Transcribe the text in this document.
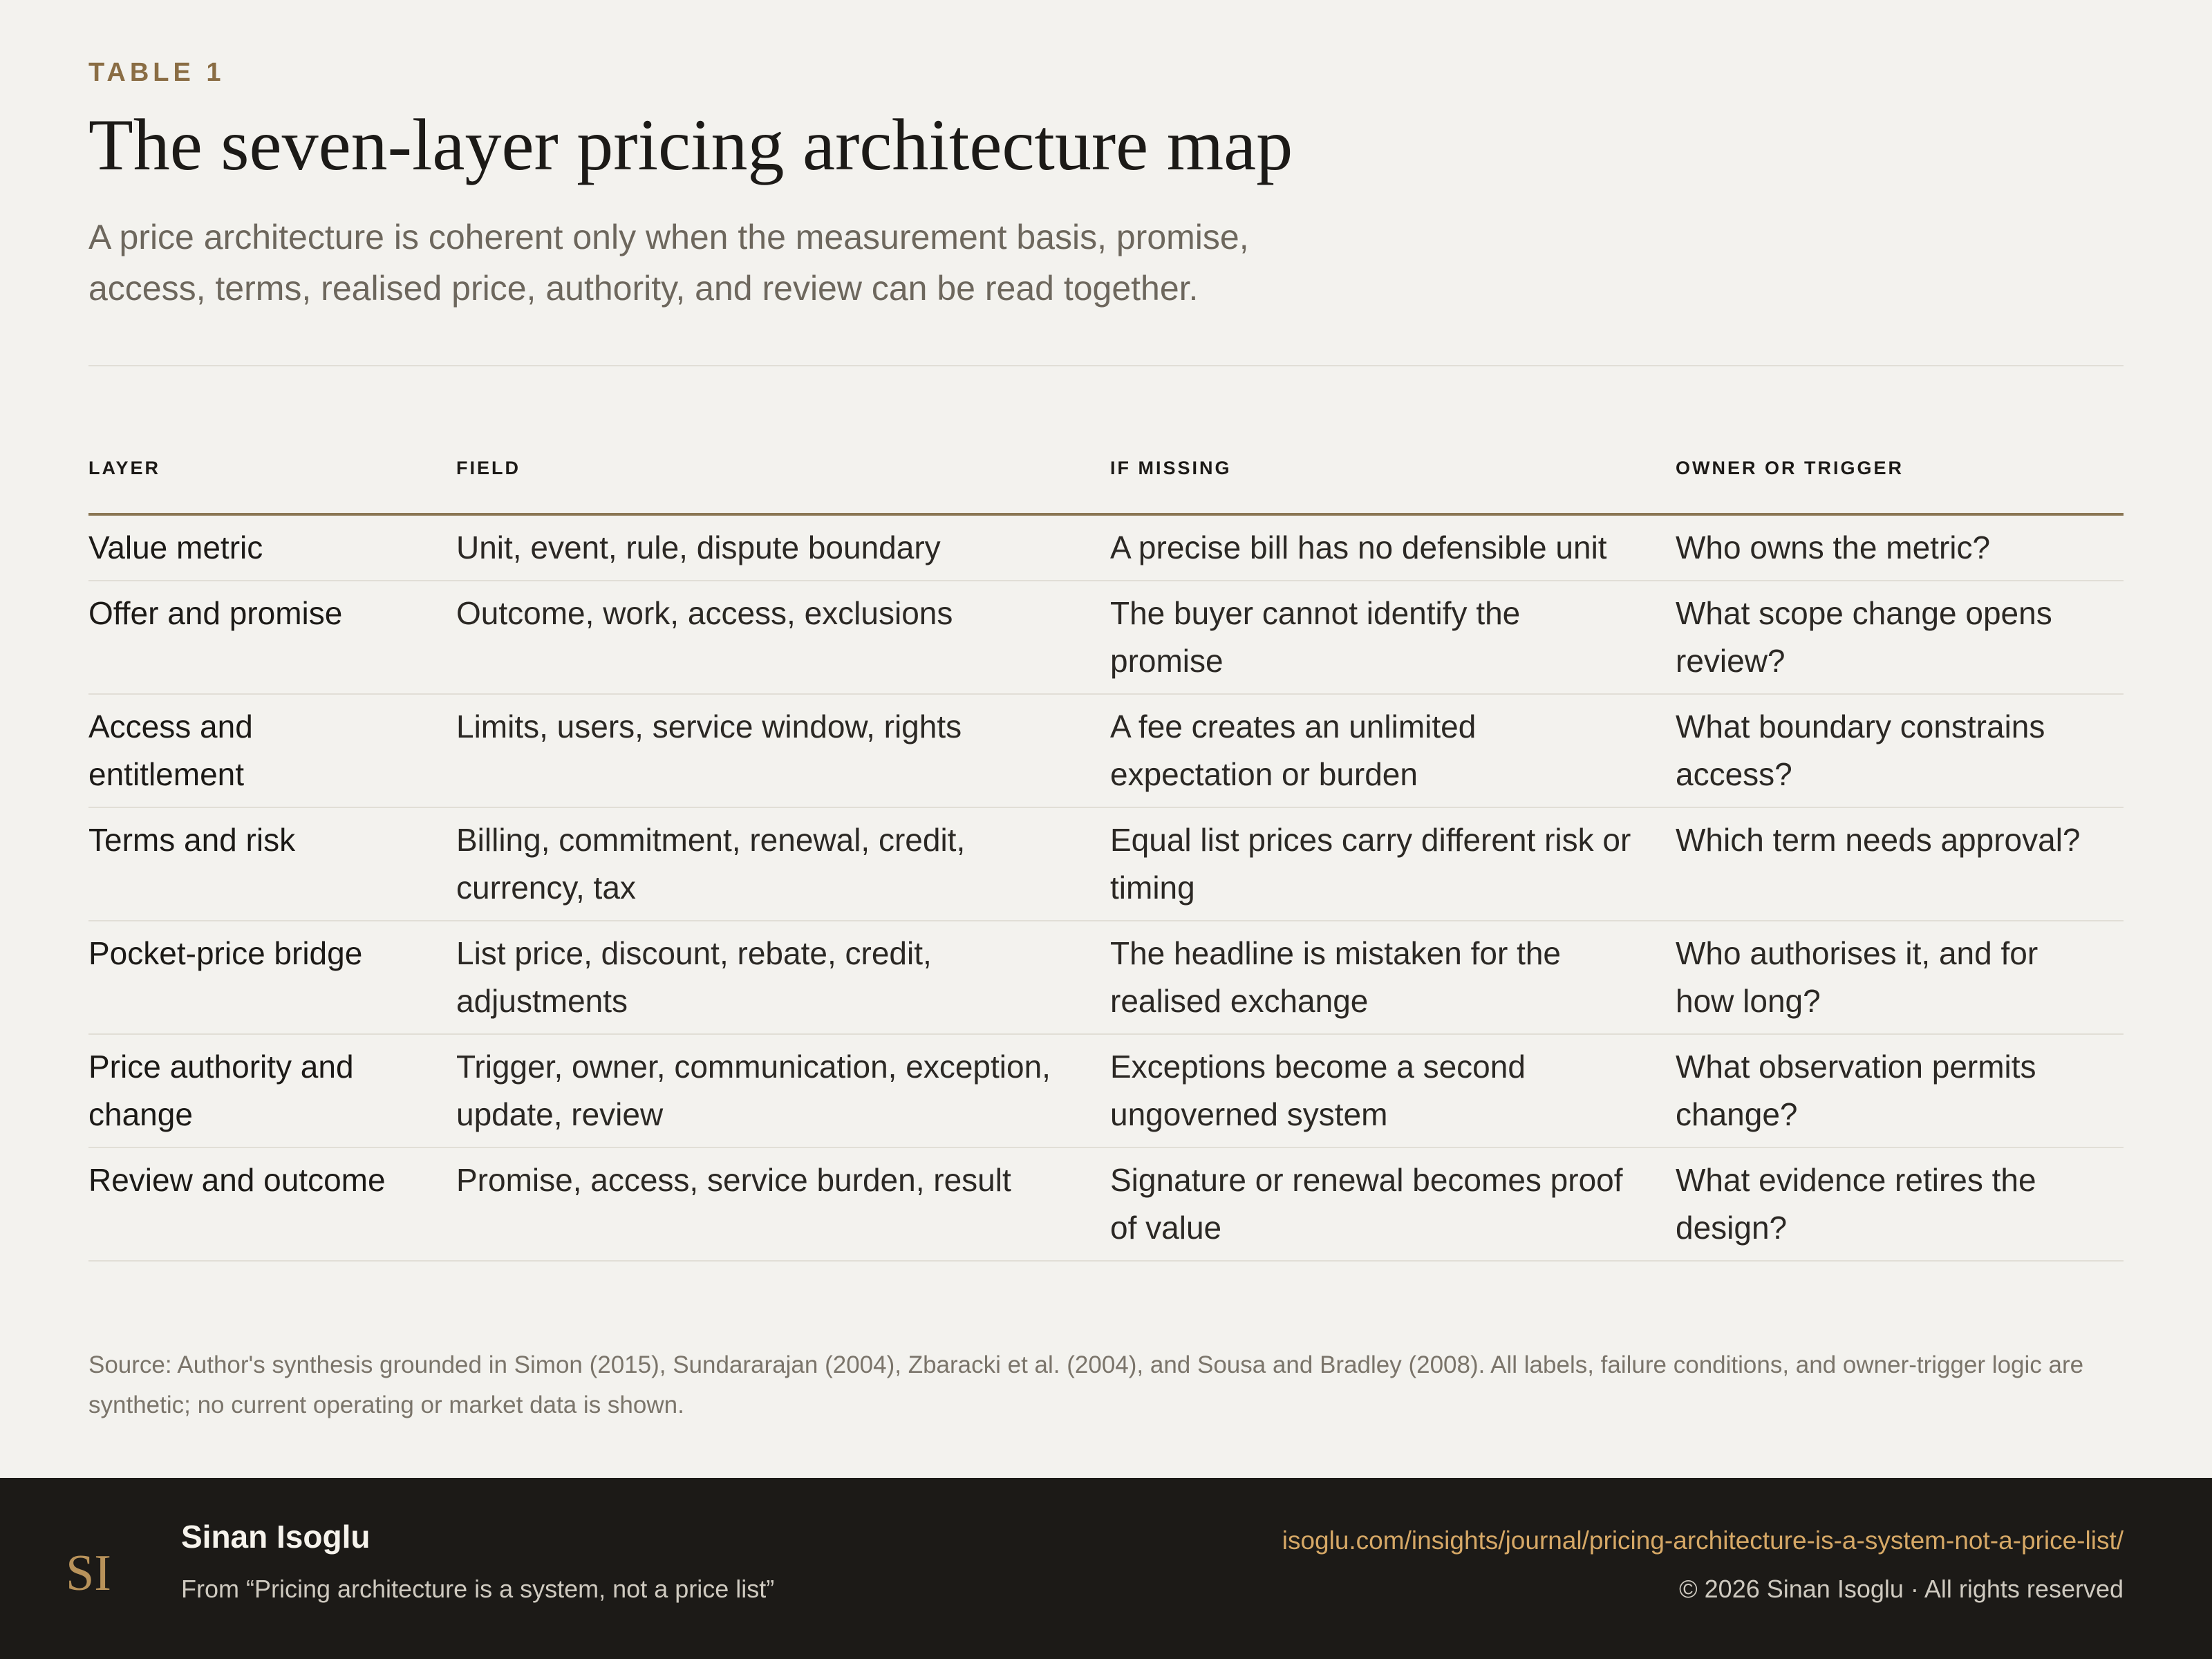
TABLE 1
The seven-layer pricing architecture map
A price architecture is coherent only when the measurement basis, promise, access, terms, realised price, authority, and review can be read together.
LAYER	FIELD	IF MISSING	OWNER OR TRIGGER
Value metric	Unit, event, rule, dispute boundary	A precise bill has no defensible unit	Who owns the metric?
Offer and promise	Outcome, work, access, exclusions	The buyer cannot identify the promise	What scope change opens review?
Access and entitlement	Limits, users, service window, rights	A fee creates an unlimited expectation or burden	What boundary constrains access?
Terms and risk	Billing, commitment, renewal, credit, currency, tax	Equal list prices carry different risk or timing	Which term needs approval?
Pocket-price bridge	List price, discount, rebate, credit, adjustments	The headline is mistaken for the realised exchange	Who authorises it, and for how long?
Price authority and change	Trigger, owner, communication, exception, update, review	Exceptions become a second ungoverned system	What observation permits change?
Review and outcome	Promise, access, service burden, result	Signature or renewal becomes proof of value	What evidence retires the design?
Source: Author's synthesis grounded in Simon (2015), Sundararajan (2004), Zbaracki et al. (2004), and Sousa and Bradley (2008). All labels, failure conditions, and owner-trigger logic are synthetic; no current operating or market data is shown.
SI
Sinan Isoglu
From “Pricing architecture is a system, not a price list”
isoglu.com/insights/journal/pricing-architecture-is-a-system-not-a-price-list/
© 2026 Sinan Isoglu · All rights reserved
